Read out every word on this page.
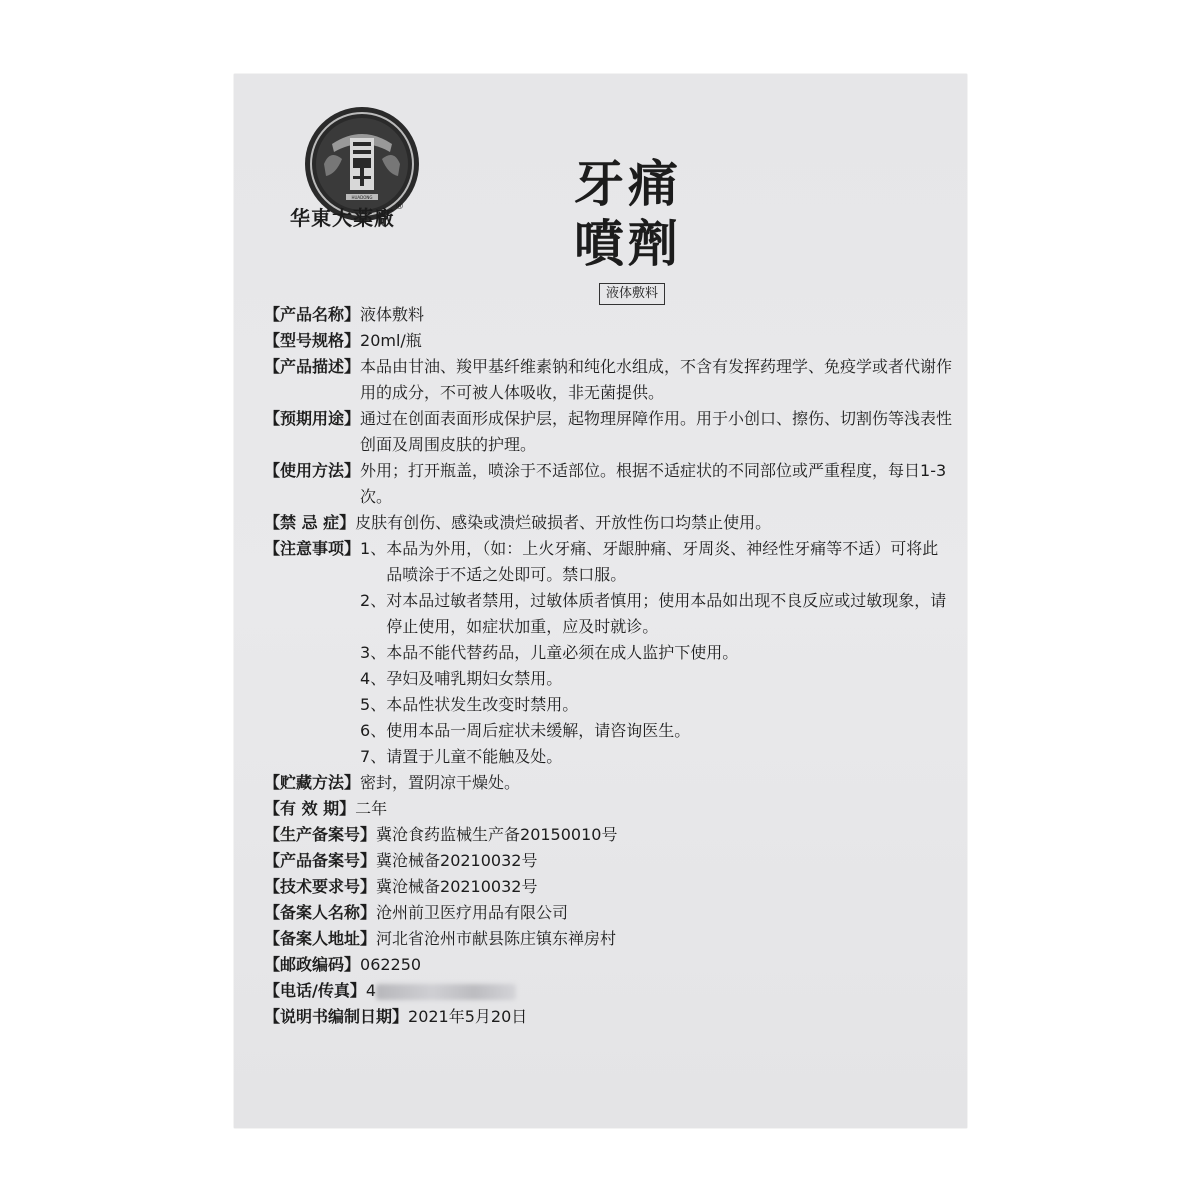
HUADONG
华東大薬廠®	牙痛
噴劑
液体敷料
【产品名称】 液体敷料
【型号规格】 20ml/瓶
【产品描述】 本品由甘油、羧甲基纤维素钠和纯化水组成，不含有发挥药理学、免疫学或者代谢作用的成分，不可被人体吸收，非无菌提供。
【预期用途】 通过在创面表面形成保护层，起物理屏障作用。用于小创口、擦伤、切割伤等浅表性创面及周围皮肤的护理。
【使用方法】 外用；打开瓶盖，喷涂于不适部位。根据不适症状的不同部位或严重程度，每日1-3次。
【禁 忌 症】 皮肤有创伤、感染或溃烂破损者、开放性伤口均禁止使用。
【注意事项】 1、 本品为外用，（如：上火牙痛、牙龈肿痛、牙周炎、神经性牙痛等不适）可将此品喷涂于不适之处即可。禁口服。
2、 对本品过敏者禁用，过敏体质者慎用；使用本品如出现不良反应或过敏现象，请停止使用，如症状加重，应及时就诊。
3、 本品不能代替药品，儿童必须在成人监护下使用。
4、 孕妇及哺乳期妇女禁用。
5、 本品性状发生改变时禁用。
6、 使用本品一周后症状未缓解，请咨询医生。
7、 请置于儿童不能触及处。
【贮藏方法】 密封，置阴凉干燥处。
【有 效 期】 二年
【生产备案号】 冀沧食药监械生产备20150010号
【产品备案号】 冀沧械备20210032号
【技术要求号】 冀沧械备20210032号
【备案人名称】 沧州前卫医疗用品有限公司
【备案人地址】 河北省沧州市献县陈庄镇东禅房村
【邮政编码】 062250
【电话/传真】 4
【说明书编制日期】 2021年5月20日
